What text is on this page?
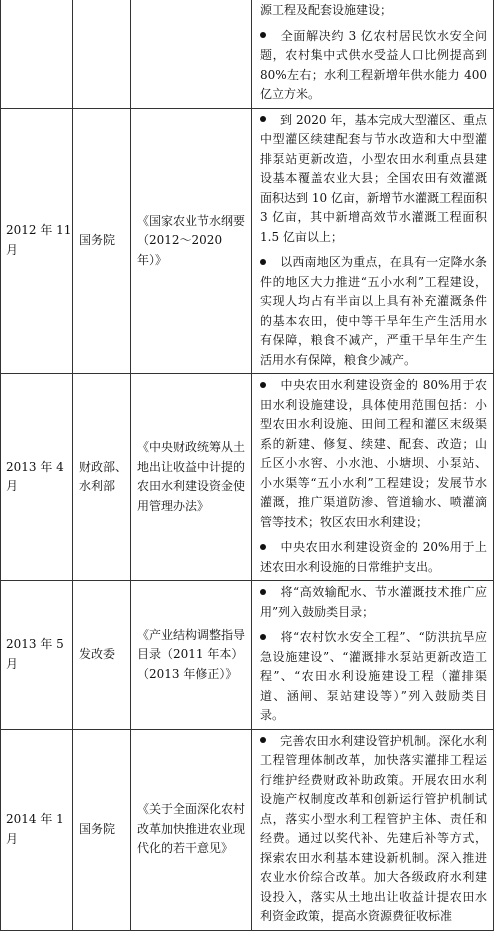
			源工程及配套设施建设；
全面解决约 3 亿农村居民饮水安全问题，农村集中式供水受益人口比例提高到 80%左右；水利工程新增年供水能力 400 亿立方米。

2012 年 11 月	国务院	《国家农业节水纲要（2012～2020 年）》	到 2020 年，基本完成大型灌区、重点中型灌区续建配套与节水改造和大中型灌排泵站更新改造，小型农田水利重点县建设基本覆盖农业大县；全国农田有效灌溉面积达到 10 亿亩，新增节水灌溉工程面积 3 亿亩，其中新增高效节水灌溉工程面积 1.5 亿亩以上；
以西南地区为重点，在具有一定降水条件的地区大力推进“五小水利”工程建设，实现人均占有半亩以上具有补充灌溉条件的基本农田，使中等干旱年生产生活用水有保障，粮食不减产，严重干旱年生产生活用水有保障，粮食少减产。

2013 年 4 月	财政部、水利部	《中央财政统筹从土地出让收益中计提的农田水利建设资金使用管理办法》	中央农田水利建设资金的 80%用于农田水利设施建设，具体使用范围包括：小型农田水利设施、田间工程和灌区末级渠系的新建、修复、续建、配套、改造；山丘区小水窖、小水池、小塘坝、小泵站、小水渠等“五小水利”工程建设；发展节水灌溉，推广渠道防渗、管道输水、喷灌滴管等技术；牧区农田水利建设；
中央农田水利建设资金的 20%用于上述农田水利设施的日常维护支出。

2013 年 5 月	发改委	《产业结构调整指导目录（2011 年本）（2013 年修正）》	将“高效输配水、节水灌溉技术推广应用”列入鼓励类目录；
将“农村饮水安全工程”、“防洪抗旱应急设施建设”、“灌溉排水泵站更新改造工程”、“农田水利设施建设工程（灌排渠道、涵闸、泵站建设等）”列入鼓励类目录。

2014 年 1 月	国务院	《关于全面深化农村改革加快推进农业现代化的若干意见》	完善农田水利建设管护机制。深化水利工程管理体制改革，加快落实灌排工程运行维护经费财政补助政策。开展农田水利设施产权制度改革和创新运行管护机制试点，落实小型水利工程管护主体、责任和经费。通过以奖代补、先建后补等方式，探索农田水利基本建设新机制。深入推进农业水价综合改革。加大各级政府水利建设投入，落实从土地出让收益计提农田水利资金政策，提高水资源费征收标准
